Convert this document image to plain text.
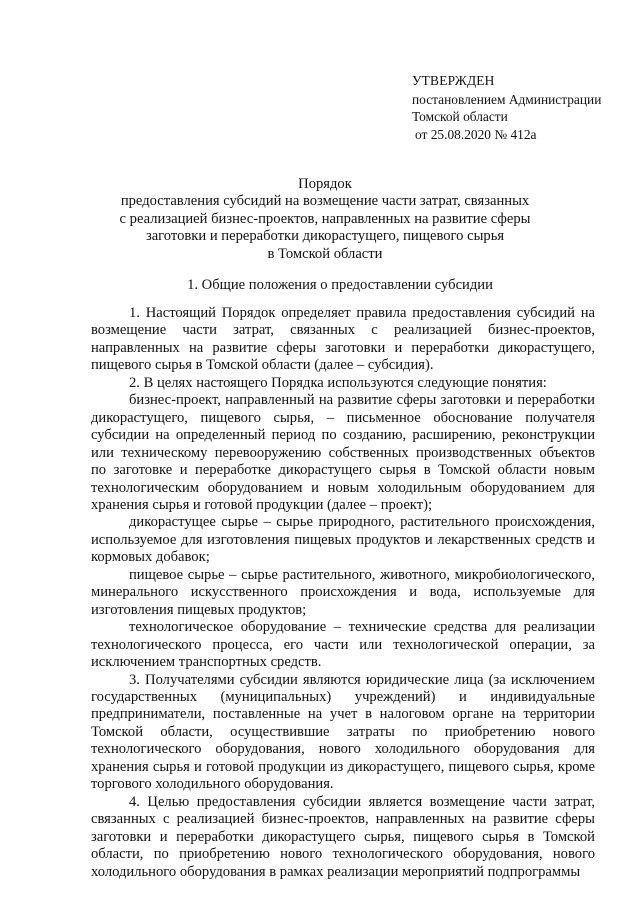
УТВЕРЖДЕН
постановлением Администрации
Томской области
от 25.08.2020 № 412а
Порядок
предоставления субсидий на возмещение части затрат, связанных
с реализацией бизнес-проектов, направленных на развитие сферы
заготовки и переработки дикорастущего, пищевого сырья
в Томской области
1. Общие положения о предоставлении субсидии

1. Настоящий Порядок определяет правила предоставления субсидий на возмещение части затрат, связанных с реализацией бизнес-проектов, направленных на развитие сферы заготовки и переработки дикорастущего, пищевого сырья в Томской области (далее – субсидия).

2. В целях настоящего Порядка используются следующие понятия:

бизнес-проект, направленный на развитие сферы заготовки и переработки дикорастущего, пищевого сырья, – письменное обоснование получателя субсидии на определенный период по созданию, расширению, реконструкции или техническому перевооружению собственных производственных объектов по заготовке и переработке дикорастущего сырья в Томской области новым технологическим оборудованием и новым холодильным оборудованием для хранения сырья и готовой продукции (далее – проект);

дикорастущее сырье – сырье природного, растительного происхождения, используемое для изготовления пищевых продуктов и лекарственных средств и кормовых добавок;

пищевое сырье – сырье растительного, животного, микробиологического, минерального искусственного происхождения и вода, используемые для изготовления пищевых продуктов;

технологическое оборудование – технические средства для реализации технологического процесса, его части или технологической операции, за исключением транспортных средств.

3. Получателями субсидии являются юридические лица (за исключением государственных (муниципальных) учреждений) и индивидуальные предприниматели, поставленные на учет в налоговом органе на территории Томской области, осуществившие затраты по приобретению нового технологического оборудования, нового холодильного оборудования для хранения сырья и готовой продукции из дикорастущего, пищевого сырья, кроме торгового холодильного оборудования.

4. Целью предоставления субсидии является возмещение части затрат, связанных с реализацией бизнес-проектов, направленных на развитие сферы заготовки и переработки дикорастущего сырья, пищевого сырья в Томской области, по приобретению нового технологического оборудования, нового холодильного оборудования в рамках реализации мероприятий подпрограммы
